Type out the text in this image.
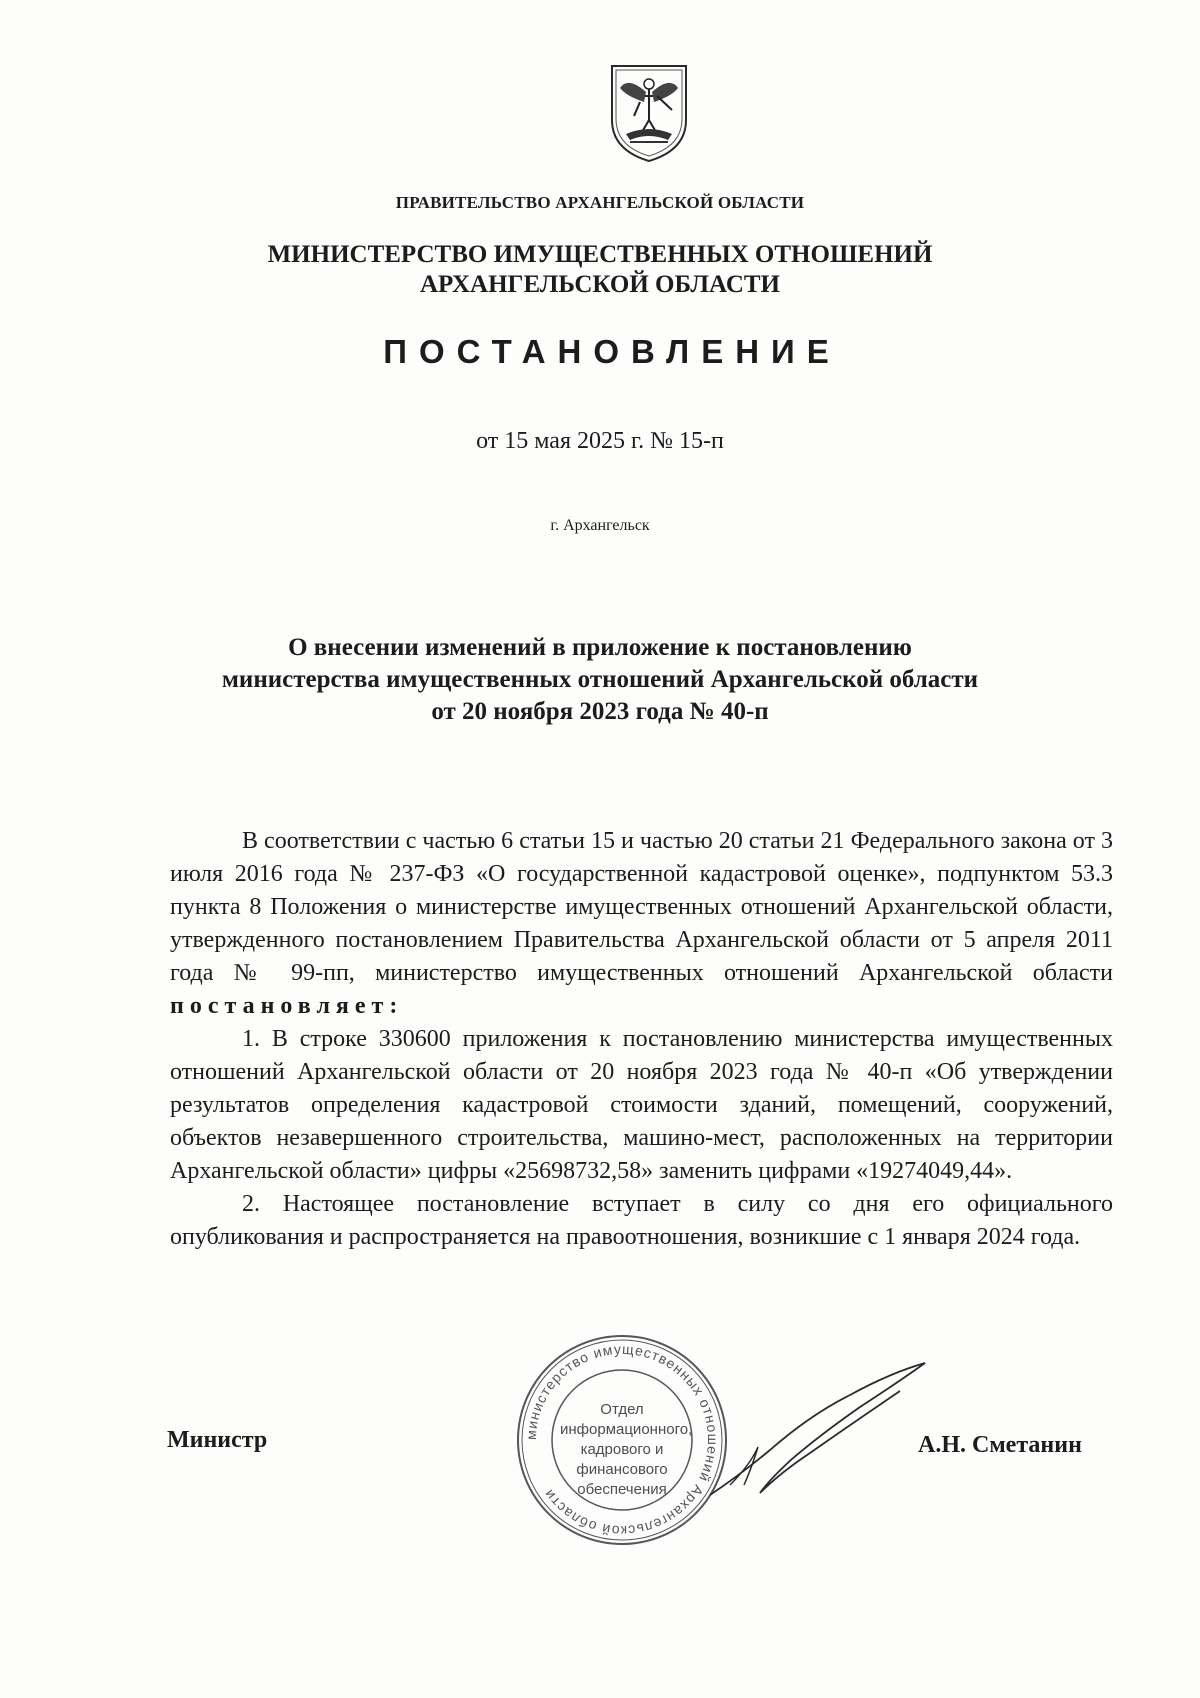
ПРАВИТЕЛЬСТВО АРХАНГЕЛЬСКОЙ ОБЛАСТИ
МИНИСТЕРСТВО ИМУЩЕСТВЕННЫХ ОТНОШЕНИЙ
АРХАНГЕЛЬСКОЙ ОБЛАСТИ
ПОСТАНОВЛЕНИЕ
от 15 мая 2025 г. № 15-п
г. Архангельск
О внесении изменений в приложение к постановлению
министерства имущественных отношений Архангельской области
от 20 ноября 2023 года № 40-п

В соответствии с частью 6 статьи 15 и частью 20 статьи 21 Федерального закона от 3 июля 2016 года № 237-ФЗ «О государственной кадастровой оценке», подпунктом 53.3 пункта 8 Положения о министерстве имущественных отношений Архангельской области, утвержденного постановлением Правительства Архангельской области от 5 апреля 2011 года № 99-пп, министерство имущественных отношений Архангельской области постановляет:

1. В строке 330600 приложения к постановлению министерства имущественных отношений Архангельской области от 20 ноября 2023 года № 40-п «Об утверждении результатов определения кадастровой стоимости зданий, помещений, сооружений, объектов незавершенного строительства, машино-мест, расположенных на территории Архангельской области» цифры «25698732,58» заменить цифрами «19274049,44».

2. Настоящее постановление вступает в силу со дня его официального опубликования и распространяется на правоотношения, возникшие с 1 января 2024 года.

министерство имущественных отношений Архангельской области
Отдел
информационного,
кадрового и
финансового
обеспечения
Министр	А.Н. Сметанин
